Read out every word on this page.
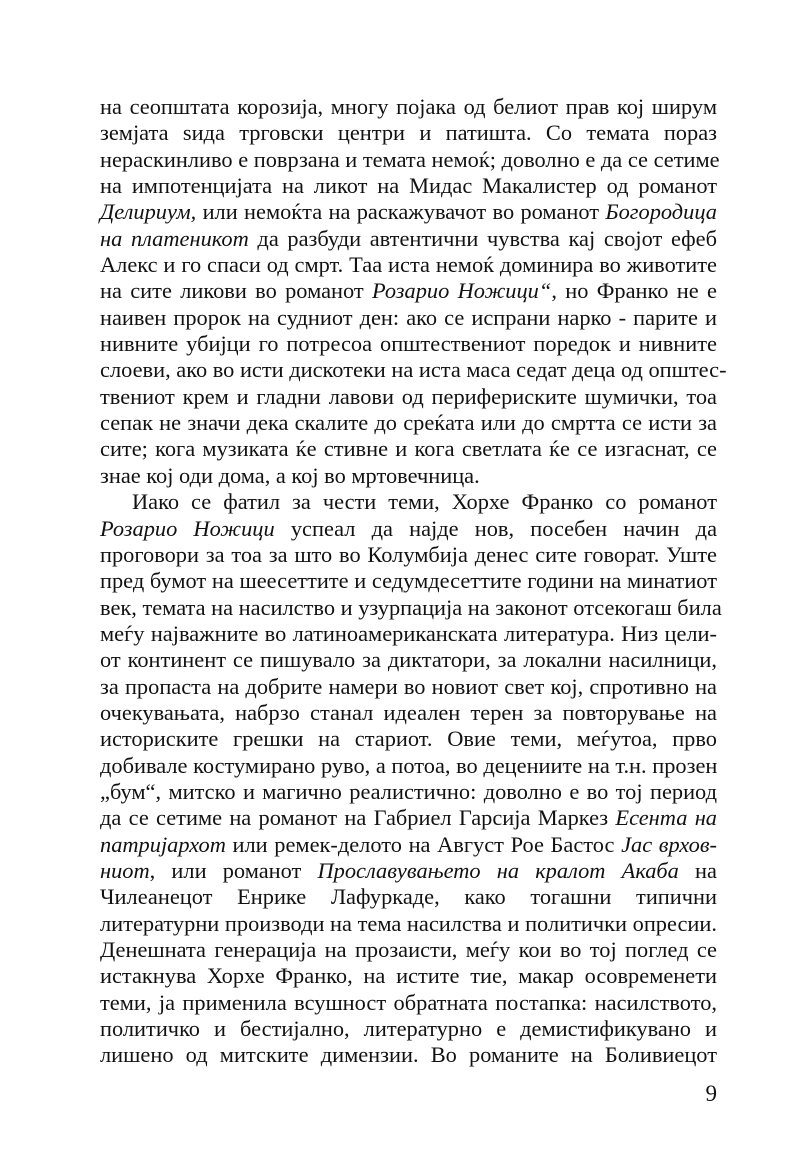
на сеопштата корозија, многу појака од белиот прав кој ширум
земјата ѕида трговски центри и патишта. Со темата пораз
нераскинливо е поврзана и темата немоќ; доволно е да се сетиме
на импотенцијата на ликот на Мидас Макалистер од романот
Делириум, или немоќта на раскажувачот во романот Богородица
на платеникот да разбуди автентични чувства кај својот ефеб
Алекс и го спаси од смрт. Таа иста немоќ доминира во животите
на сите ликови во романот Розарио Ножици“, но Франко не е
наивен пророк на судниот ден: ако се испрани нарко - парите и
нивните убијци го потресоа општествениот поредок и нивните
слоеви, ако во исти дискотеки на иста маса седат деца од општес-
твениот крем и гладни лавови од перифериските шумички, тоа
сепак не значи дека скалите до среќата или до смртта се исти за
сите; кога музиката ќе стивне и кога светлата ќе се изгаснат, се
знае кој оди дома, а кој во мртовечница.
Иако се фатил за чести теми, Хорхе Франко со романот
Розарио Ножици успеал да најде нов, посебен начин да
проговори за тоа за што во Колумбија денес сите говорат. Уште
пред бумот на шеесеттите и седумдесеттите години на минатиот
век, темата на насилство и узурпација на законот отсекогаш била
меѓу најважните во латиноамериканската литература. Низ цели-
от континент се пишувало за диктатори, за локални насилници,
за пропаста на добрите намери во новиот свет кој, спротивно на
очекувањата, набрзо станал идеален терен за повторување на
историските грешки на стариот. Овие теми, меѓутоа, прво
добивале костумирано руво, а потоа, во децениите на т.н. прозен
„бум“, митско и магично реалистично: доволно е во тој период
да се сетиме на романот на Габриел Гарсија Маркез Есента на
патријархот или ремек-делото на Август Рое Бастос Јас врхов-
ниот, или романот Прославувањето на кралот Акаба на
Чилеанецот Енрике Лафуркаде, како тогашни типични
литературни производи на тема насилства и политички опресии.
Денешната генерација на прозаисти, меѓу кои во тој поглед се
истакнува Хорхе Франко, на истите тие, макар осовременети
теми, ја применила всушност обратната постапка: насилството,
политичко и бестијално, литературно е демистификувано и
лишено од митските димензии. Во романите на Боливиецот
9
